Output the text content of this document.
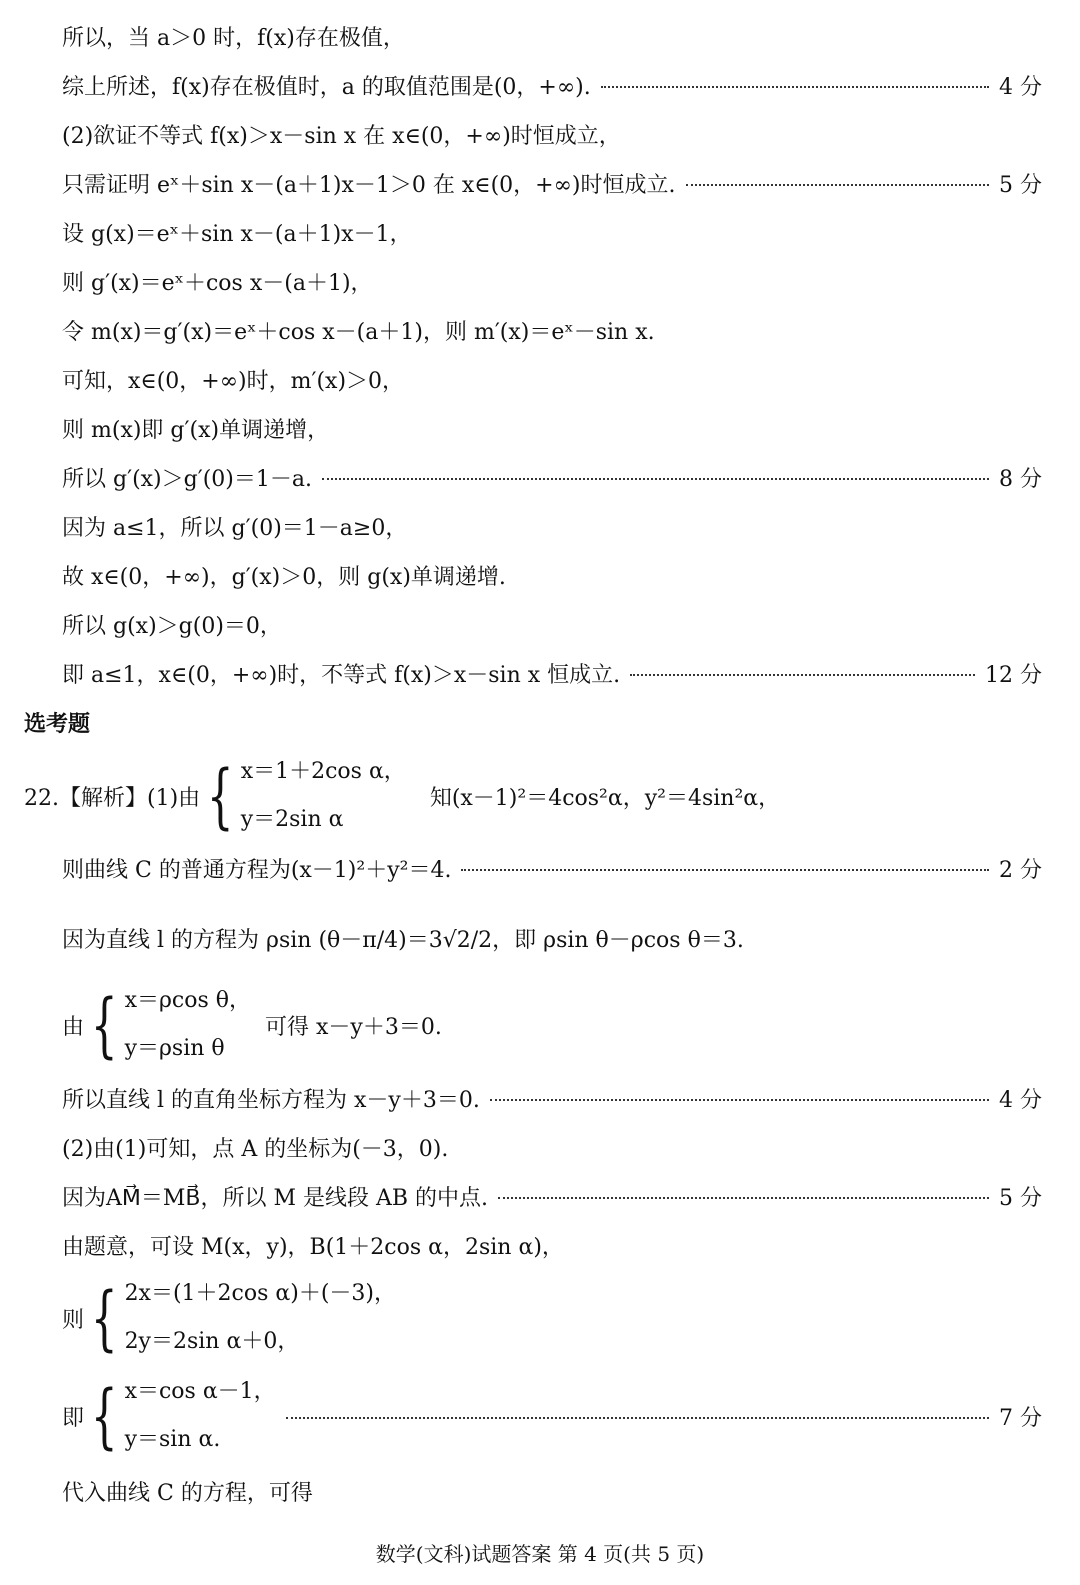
所以，当 a＞0 时，f(x)存在极值，
综上所述，f(x)存在极值时，a 的取值范围是(0，+∞).	4 分
(2)欲证不等式 f(x)＞x－sin x 在 x∈(0，+∞)时恒成立，
只需证明 eˣ＋sin x－(a＋1)x－1＞0 在 x∈(0，+∞)时恒成立.	5 分
设 g(x)＝eˣ＋sin x－(a＋1)x－1，
则 g′(x)＝eˣ＋cos x－(a＋1)，
令 m(x)＝g′(x)＝eˣ＋cos x－(a＋1)，则 m′(x)＝eˣ－sin x.
可知，x∈(0，+∞)时，m′(x)＞0，
则 m(x)即 g′(x)单调递增，
所以 g′(x)＞g′(0)＝1－a.	8 分
因为 a≤1，所以 g′(0)＝1－a≥0，
故 x∈(0，+∞)，g′(x)＞0，则 g(x)单调递增.
所以 g(x)＞g(0)＝0，
即 a≤1，x∈(0，+∞)时，不等式 f(x)＞x－sin x 恒成立.	12 分
选考题
22.【解析】(1)由 { x＝1＋2cos α，
y＝2sin α
知(x－1)²＝4cos²α，y²＝4sin²α，
则曲线 C 的普通方程为(x－1)²＋y²＝4.	2 分
因为直线 l 的方程为 ρsin (θ－π/4)＝3√2/2，即 ρsin θ－ρcos θ＝3.
由 { x＝ρcos θ，
y＝ρsin θ
可得 x－y＋3＝0.
所以直线 l 的直角坐标方程为 x－y＋3＝0.	4 分
(2)由(1)可知，点 A 的坐标为(－3，0).
因为AM⃗＝MB⃗，所以 M 是线段 AB 的中点.	5 分
由题意，可设 M(x，y)，B(1＋2cos α，2sin α)，
则 { 2x＝(1＋2cos α)＋(－3)，
2y＝2sin α＋0，
即 { x＝cos α－1，
y＝sin α.
7 分
代入曲线 C 的方程，可得
数学(文科)试题答案 第 4 页(共 5 页)
